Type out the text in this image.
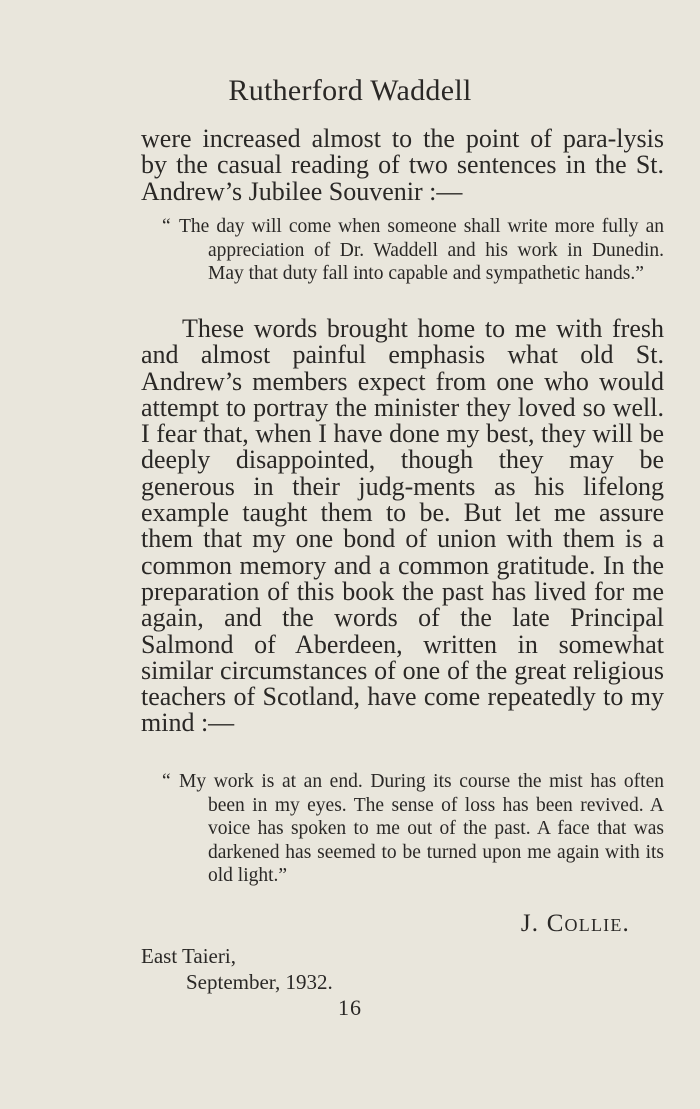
Rutherford Waddell
were increased almost to the point of para-lysis by the casual reading of two sentences in the St. Andrew’s Jubilee Souvenir :—
“ The day will come when someone shall write more fully an appreciation of Dr. Waddell and his work in Dunedin. May that duty fall into capable and sympathetic hands.”
These words brought home to me with fresh and almost painful emphasis what old St. Andrew’s members expect from one who would attempt to portray the minister they loved so well. I fear that, when I have done my best, they will be deeply disappointed, though they may be generous in their judg-ments as his lifelong example taught them to be. But let me assure them that my one bond of union with them is a common memory and a common gratitude. In the preparation of this book the past has lived for me again, and the words of the late Principal Salmond of Aberdeen, written in somewhat similar circumstances of one of the great religious teachers of Scotland, have come repeatedly to my mind :—
“ My work is at an end. During its course the mist has often been in my eyes. The sense of loss has been revived. A voice has spoken to me out of the past. A face that was darkened has seemed to be turned upon me again with its old light.”
J. Collie.
East Taieri,
September, 1932.
16
